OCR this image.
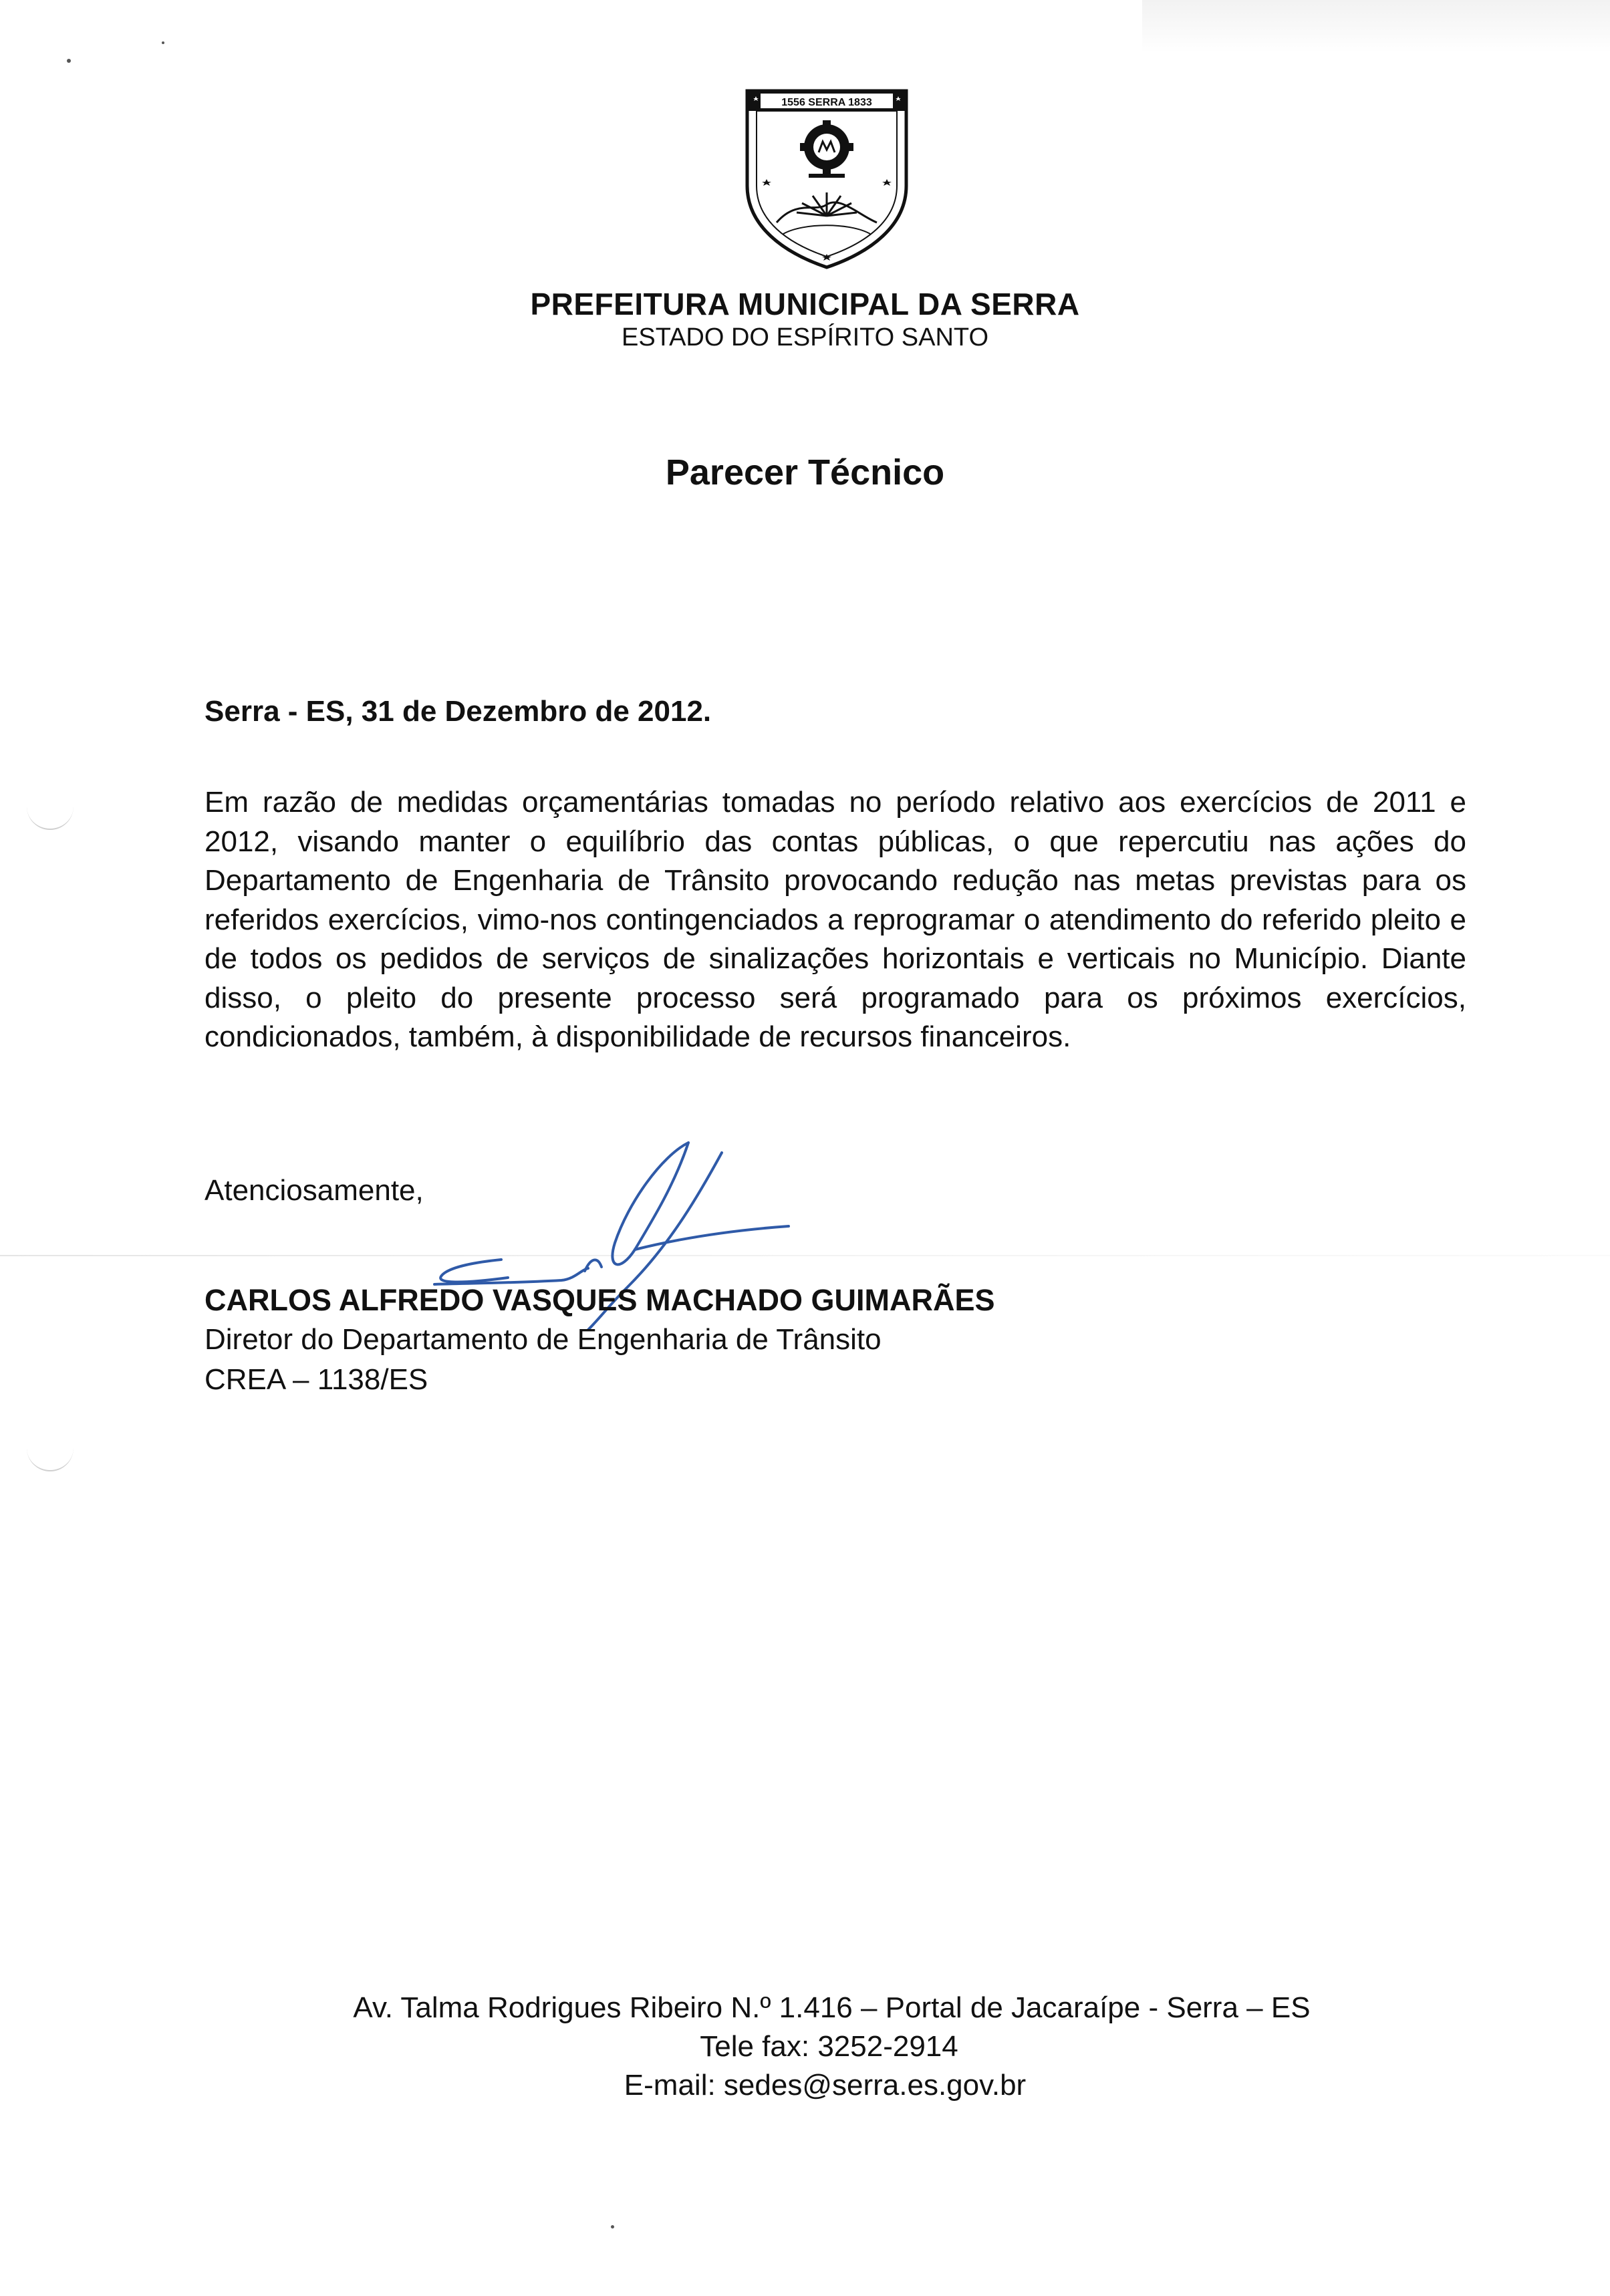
1556 SERRA 1833
PREFEITURA MUNICIPAL DA SERRA
ESTADO DO ESPÍRITO SANTO
Parecer Técnico
Serra - ES, 31 de Dezembro de 2012.
Em razão de medidas orçamentárias tomadas no período relativo aos exercícios de 2011 e 2012, visando manter o equilíbrio das contas públicas, o que repercutiu nas ações do Departamento de Engenharia de Trânsito provocando redução nas metas previstas para os referidos exercícios, vimo-nos contingenciados a reprogramar o atendimento do referido pleito e de todos os pedidos de serviços de sinalizações horizontais e verticais no Município. Diante disso, o pleito do presente processo será programado para os próximos exercícios, condicionados, também, à disponibilidade de recursos financeiros.
Atenciosamente,
CARLOS ALFREDO VASQUES MACHADO GUIMARÃES
Diretor do Departamento de Engenharia de Trânsito
CREA – 1138/ES
Av. Talma Rodrigues Ribeiro N.º 1.416 – Portal de Jacaraípe - Serra – ES
Tele fax: 3252-2914
E-mail: sedes@serra.es.gov.br
